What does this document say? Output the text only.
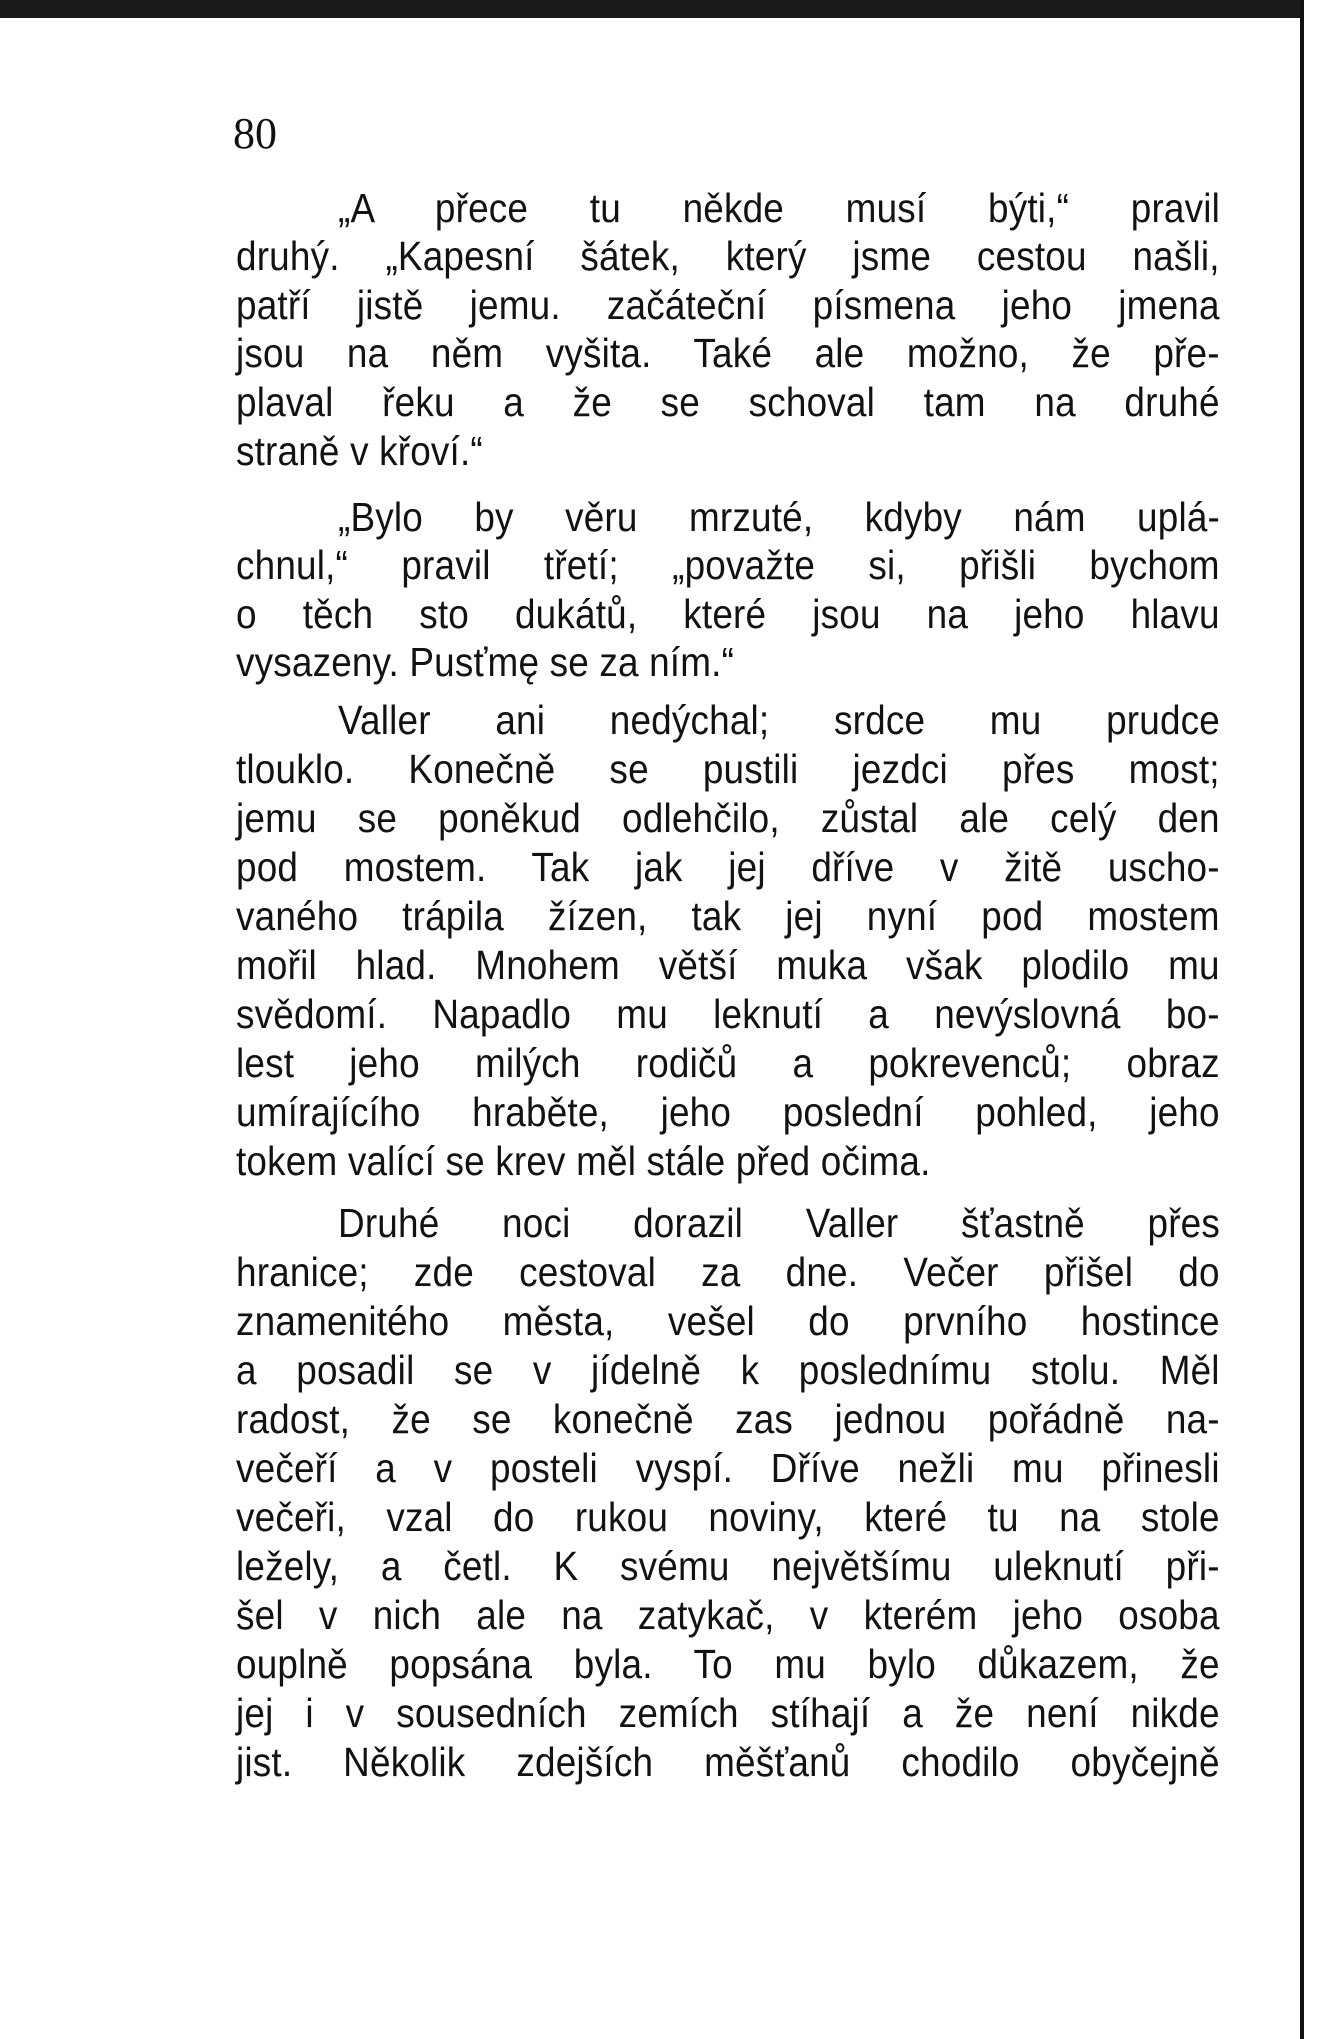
80
„A přece tu někde musí býti,“ pravil
druhý. „Kapesní šátek, který jsme cestou našli,
patří jistě jemu. začáteční písmena jeho jmena
jsou na něm vyšita. Také ale možno, že pře-
plaval řeku a že se schoval tam na druhé
straně v křoví.“
„Bylo by věru mrzuté, kdyby nám uplá-
chnul,“ pravil třetí; „považte si, přišli bychom
o těch sto dukátů, které jsou na jeho hlavu
vysazeny. Pusťmę se za ním.“
Valler ani nedýchal; srdce mu prudce
tlouklo. Konečně se pustili jezdci přes most;
jemu se poněkud odlehčilo, zůstal ale celý den
pod mostem. Tak jak jej dříve v žitě uscho-
vaného trápila žízen, tak jej nyní pod mostem
mořil hlad. Mnohem větší muka však plodilo mu
svědomí. Napadlo mu leknutí a nevýslovná bo-
lest jeho milých rodičů a pokrevenců; obraz
umírajícího hraběte, jeho poslední pohled, jeho
tokem valící se krev měl stále před očima.
Druhé noci dorazil Valler šťastně přes
hranice; zde cestoval za dne. Večer přišel do
znamenitého města, vešel do prvního hostince
a posadil se v jídelně k poslednímu stolu. Měl
radost, že se konečně zas jednou pořádně na-
večeří a v posteli vyspí. Dříve nežli mu přinesli
večeři, vzal do rukou noviny, které tu na stole
ležely, a četl. K svému největšímu uleknutí při-
šel v nich ale na zatykač, v kterém jeho osoba
ouplně popsána byla. To mu bylo důkazem, že
jej i v sousedních zemích stíhají a že není nikde
jist. Několik zdejších měšťanů chodilo obyčejně
